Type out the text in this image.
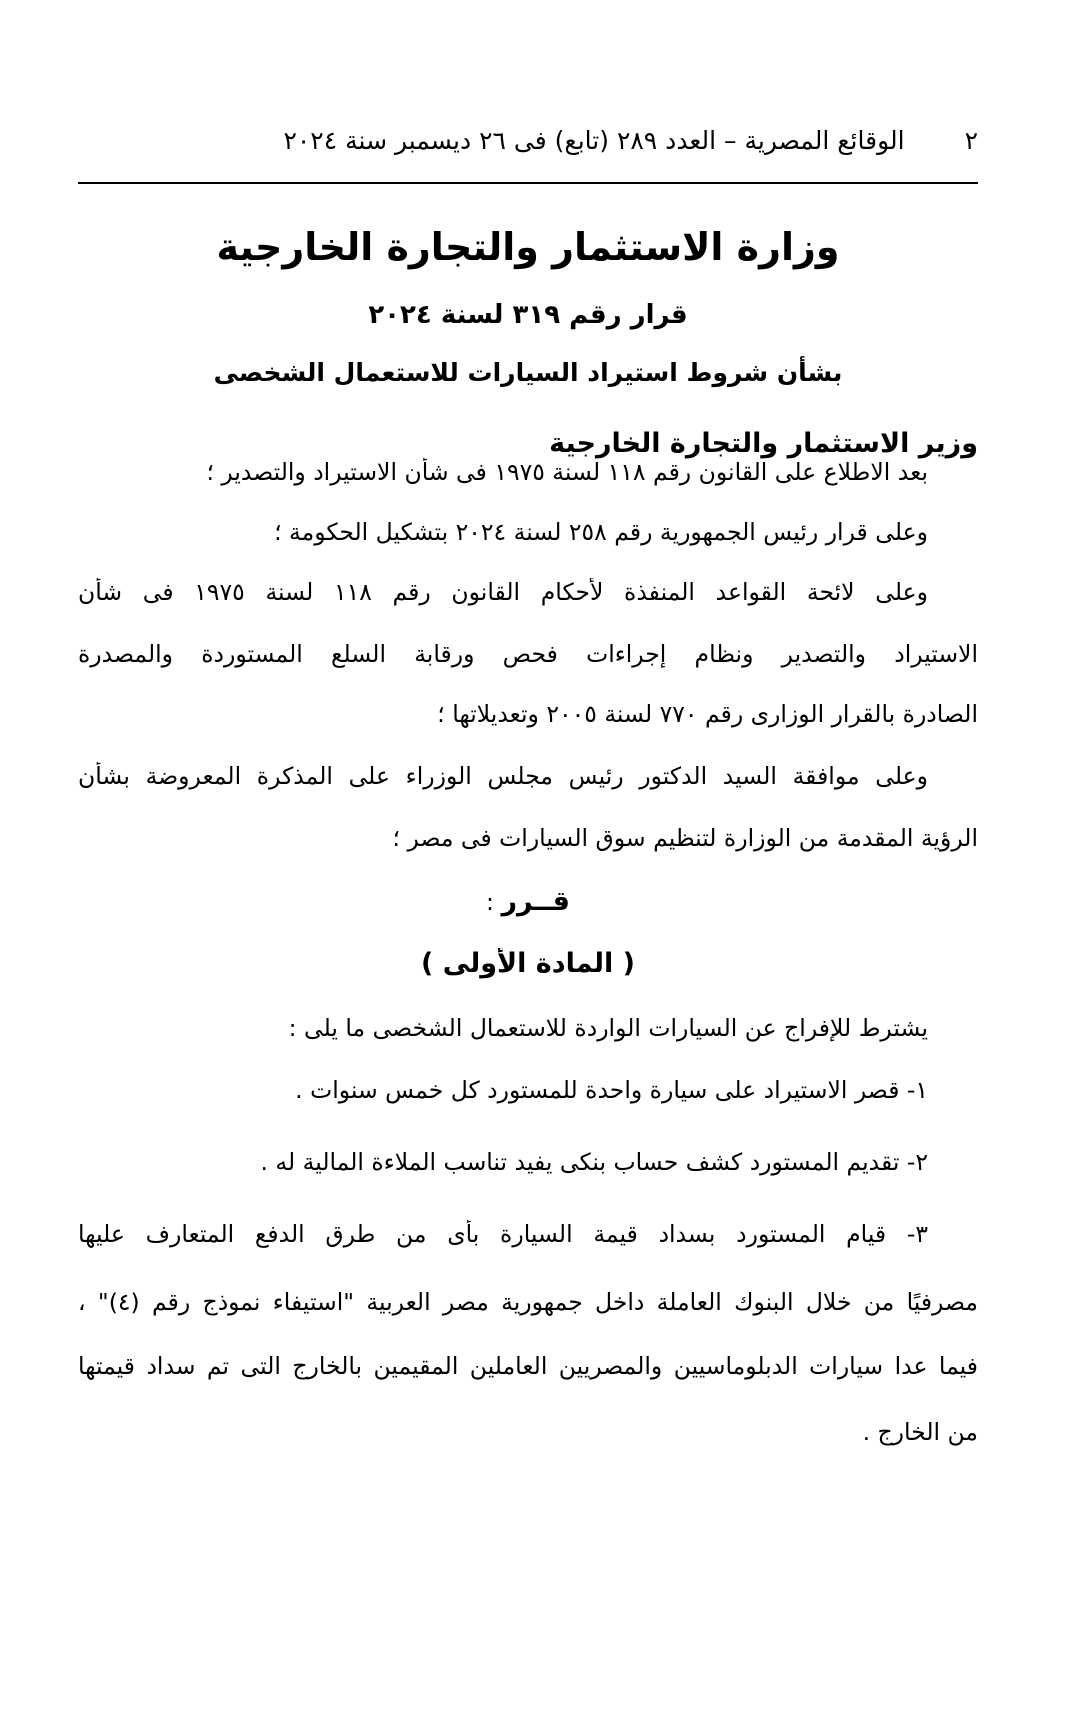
٢
الوقائع المصرية – العدد ٢٨٩ (تابع) فى ٢٦ ديسمبر سنة ٢٠٢٤
وزارة الاستثمار والتجارة الخارجية
قرار رقم ٣١٩ لسنة ٢٠٢٤
بشأن شروط استيراد السيارات للاستعمال الشخصى
وزير الاستثمار والتجارة الخارجية
بعد الاطلاع على القانون رقم ١١٨ لسنة ١٩٧٥ فى شأن الاستيراد والتصدير ؛
وعلى قرار رئيس الجمهورية رقم ٢٥٨ لسنة ٢٠٢٤ بتشكيل الحكومة ؛
وعلى لائحة القواعد المنفذة لأحكام القانون رقم ١١٨ لسنة ١٩٧٥ فى شأن
الاستيراد والتصدير ونظام إجراءات فحص ورقابة السلع المستوردة والمصدرة
الصادرة بالقرار الوزارى رقم ٧٧٠ لسنة ٢٠٠٥ وتعديلاتها ؛
وعلى موافقة السيد الدكتور رئيس مجلس الوزراء على المذكرة المعروضة بشأن
الرؤية المقدمة من الوزارة لتنظيم سوق السيارات فى مصر ؛
قــرر :
( المادة الأولى )
يشترط للإفراج عن السيارات الواردة للاستعمال الشخصى ما يلى :
١- قصر الاستيراد على سيارة واحدة للمستورد كل خمس سنوات .
٢- تقديم المستورد كشف حساب بنكى يفيد تناسب الملاءة المالية له .
٣- قيام المستورد بسداد قيمة السيارة بأى من طرق الدفع المتعارف عليها
مصرفيًا من خلال البنوك العاملة داخل جمهورية مصر العربية "استيفاء نموذج رقم (٤)" ،
فيما عدا سيارات الدبلوماسيين والمصريين العاملين المقيمين بالخارج التى تم سداد قيمتها
من الخارج .
